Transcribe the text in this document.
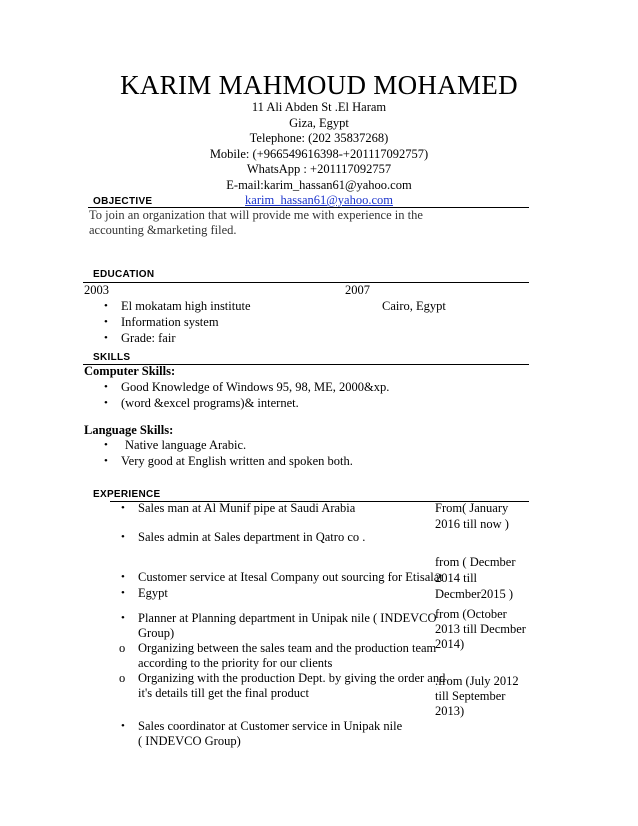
KARIM MAHMOUD MOHAMED
11 Ali Abden St .El Haram
Giza, Egypt
Telephone: (202 35837268)
Mobile: (+966549616398-+201117092757)
WhatsApp : +201117092757
E-mail:karim_hassan61@yahoo.com
karim_hassan61@yahoo.com
OBJECTIVE
To join an organization that will provide me with experience in the
accounting &marketing filed.
EDUCATION
2003	2007
Cairo, Egypt
• El mokatam high institute
• Information system
• Grade: fair
SKILLS
Computer Skills:
• Good Knowledge of Windows 95, 98, ME, 2000&xp.
• (word &excel programs)& internet.
Language Skills:
• Native language Arabic.
• Very good at English written and spoken both.
EXPERIENCE
• Sales man at Al Munif pipe at Saudi Arabia
• Sales admin at Sales department in Qatro co .
• Customer service at Itesal Company out sourcing for Etisalat
• Egypt
• Planner at Planning department in Unipak nile ( INDEVCO
Group)
o Organizing between the sales team and the production team
according to the priority for our clients
o Organizing with the production Dept. by giving the order and
it's details till get the final product
• Sales coordinator at Customer service in Unipak nile
( INDEVCO Group)
From( January
2016 till now )
from ( Decmber
2014 till
Decmber2015 )
from (October
2013 till Decmber
2014)
.from (July 2012
till September
2013)
